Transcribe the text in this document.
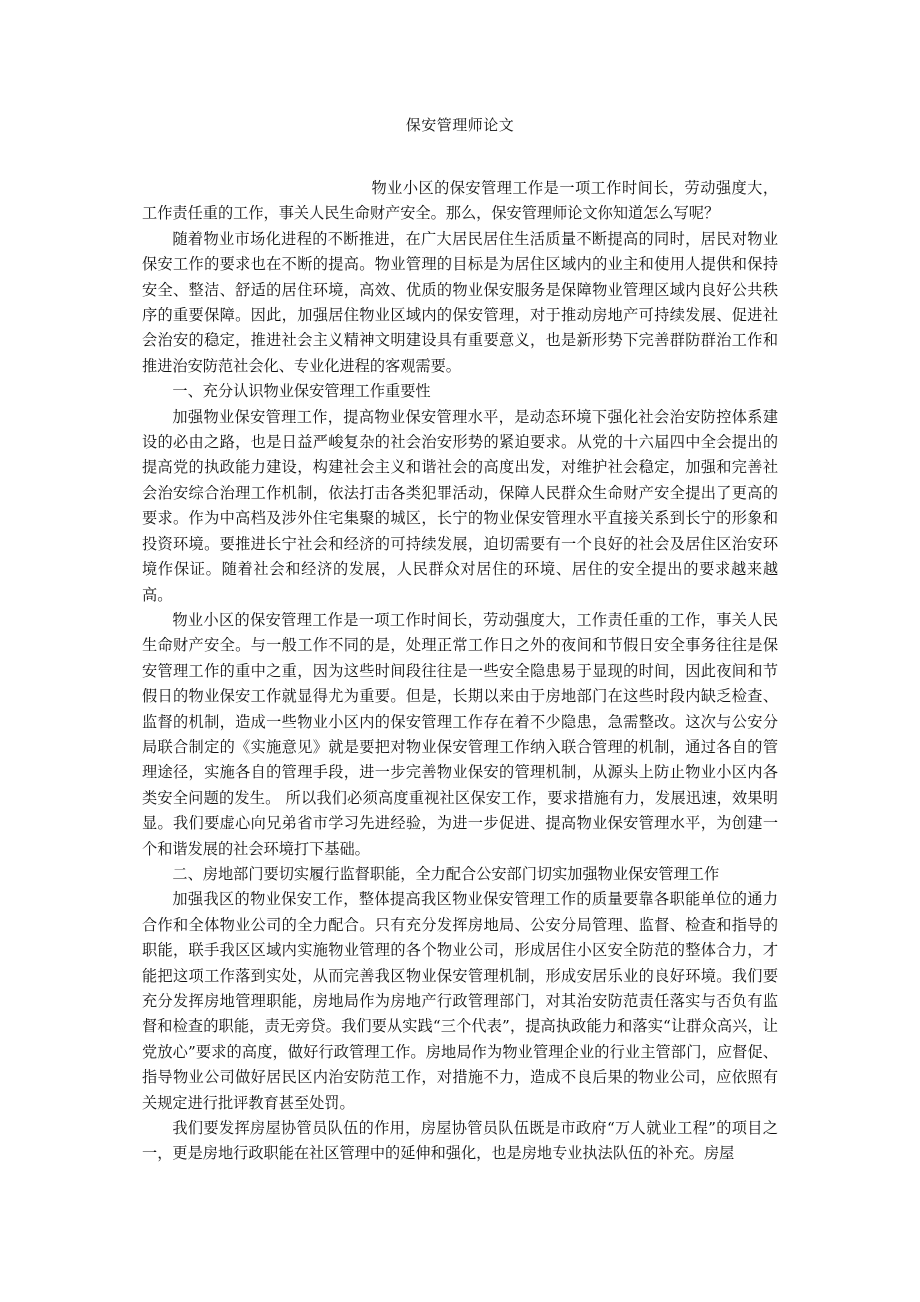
保安管理师论文

物业小区的保安管理工作是一项工作时间长，劳动强度大，工作责任重的工作，事关人民生命财产安全。那么，保安管理师论文你知道怎么写呢？

随着物业市场化进程的不断推进，在广大居民居住生活质量不断提高的同时，居民对物业保安工作的要求也在不断的提高。物业管理的目标是为居住区域内的业主和使用人提供和保持安全、整洁、舒适的居住环境，高效、优质的物业保安服务是保障物业管理区域内良好公共秩序的重要保障。因此，加强居住物业区域内的保安管理，对于推动房地产可持续发展、促进社会治安的稳定，推进社会主义精神文明建设具有重要意义，也是新形势下完善群防群治工作和推进治安防范社会化、专业化进程的客观需要。

一、充分认识物业保安管理工作重要性

加强物业保安管理工作，提高物业保安管理水平，是动态环境下强化社会治安防控体系建设的必由之路，也是日益严峻复杂的社会治安形势的紧迫要求。从党的十六届四中全会提出的提高党的执政能力建设，构建社会主义和谐社会的高度出发，对维护社会稳定，加强和完善社会治安综合治理工作机制，依法打击各类犯罪活动，保障人民群众生命财产安全提出了更高的要求。作为中高档及涉外住宅集聚的城区，长宁的物业保安管理水平直接关系到长宁的形象和投资环境。要推进长宁社会和经济的可持续发展，迫切需要有一个良好的社会及居住区治安环境作保证。随着社会和经济的发展，人民群众对居住的环境、居住的安全提出的要求越来越高。

物业小区的保安管理工作是一项工作时间长，劳动强度大，工作责任重的工作，事关人民生命财产安全。与一般工作不同的是，处理正常工作日之外的夜间和节假日安全事务往往是保安管理工作的重中之重，因为这些时间段往往是一些安全隐患易于显现的时间，因此夜间和节假日的物业保安工作就显得尤为重要。但是，长期以来由于房地部门在这些时段内缺乏检查、监督的机制，造成一些物业小区内的保安管理工作存在着不少隐患，急需整改。这次与公安分局联合制定的《实施意见》就是要把对物业保安管理工作纳入联合管理的机制，通过各自的管理途径，实施各自的管理手段，进一步完善物业保安的管理机制，从源头上防止物业小区内各类安全问题的发生。 所以我们必须高度重视社区保安工作，要求措施有力，发展迅速，效果明显。我们要虚心向兄弟省市学习先进经验，为进一步促进、提高物业保安管理水平，为创建一个和谐发展的社会环境打下基础。

二、房地部门要切实履行监督职能，全力配合公安部门切实加强物业保安管理工作

加强我区的物业保安工作，整体提高我区物业保安管理工作的质量要靠各职能单位的通力合作和全体物业公司的全力配合。只有充分发挥房地局、公安分局管理、监督、检查和指导的职能，联手我区区域内实施物业管理的各个物业公司，形成居住小区安全防范的整体合力，才能把这项工作落到实处，从而完善我区物业保安管理机制，形成安居乐业的良好环境。我们要充分发挥房地管理职能，房地局作为房地产行政管理部门，对其治安防范责任落实与否负有监督和检查的职能，责无旁贷。我们要从实践“三个代表”，提高执政能力和落实“让群众高兴，让党放心”要求的高度，做好行政管理工作。房地局作为物业管理企业的行业主管部门，应督促、指导物业公司做好居民区内治安防范工作，对措施不力，造成不良后果的物业公司，应依照有关规定进行批评教育甚至处罚。

我们要发挥房屋协管员队伍的作用，房屋协管员队伍既是市政府“万人就业工程”的项目之一，更是房地行政职能在社区管理中的延伸和强化，也是房地专业执法队伍的补充。房屋
